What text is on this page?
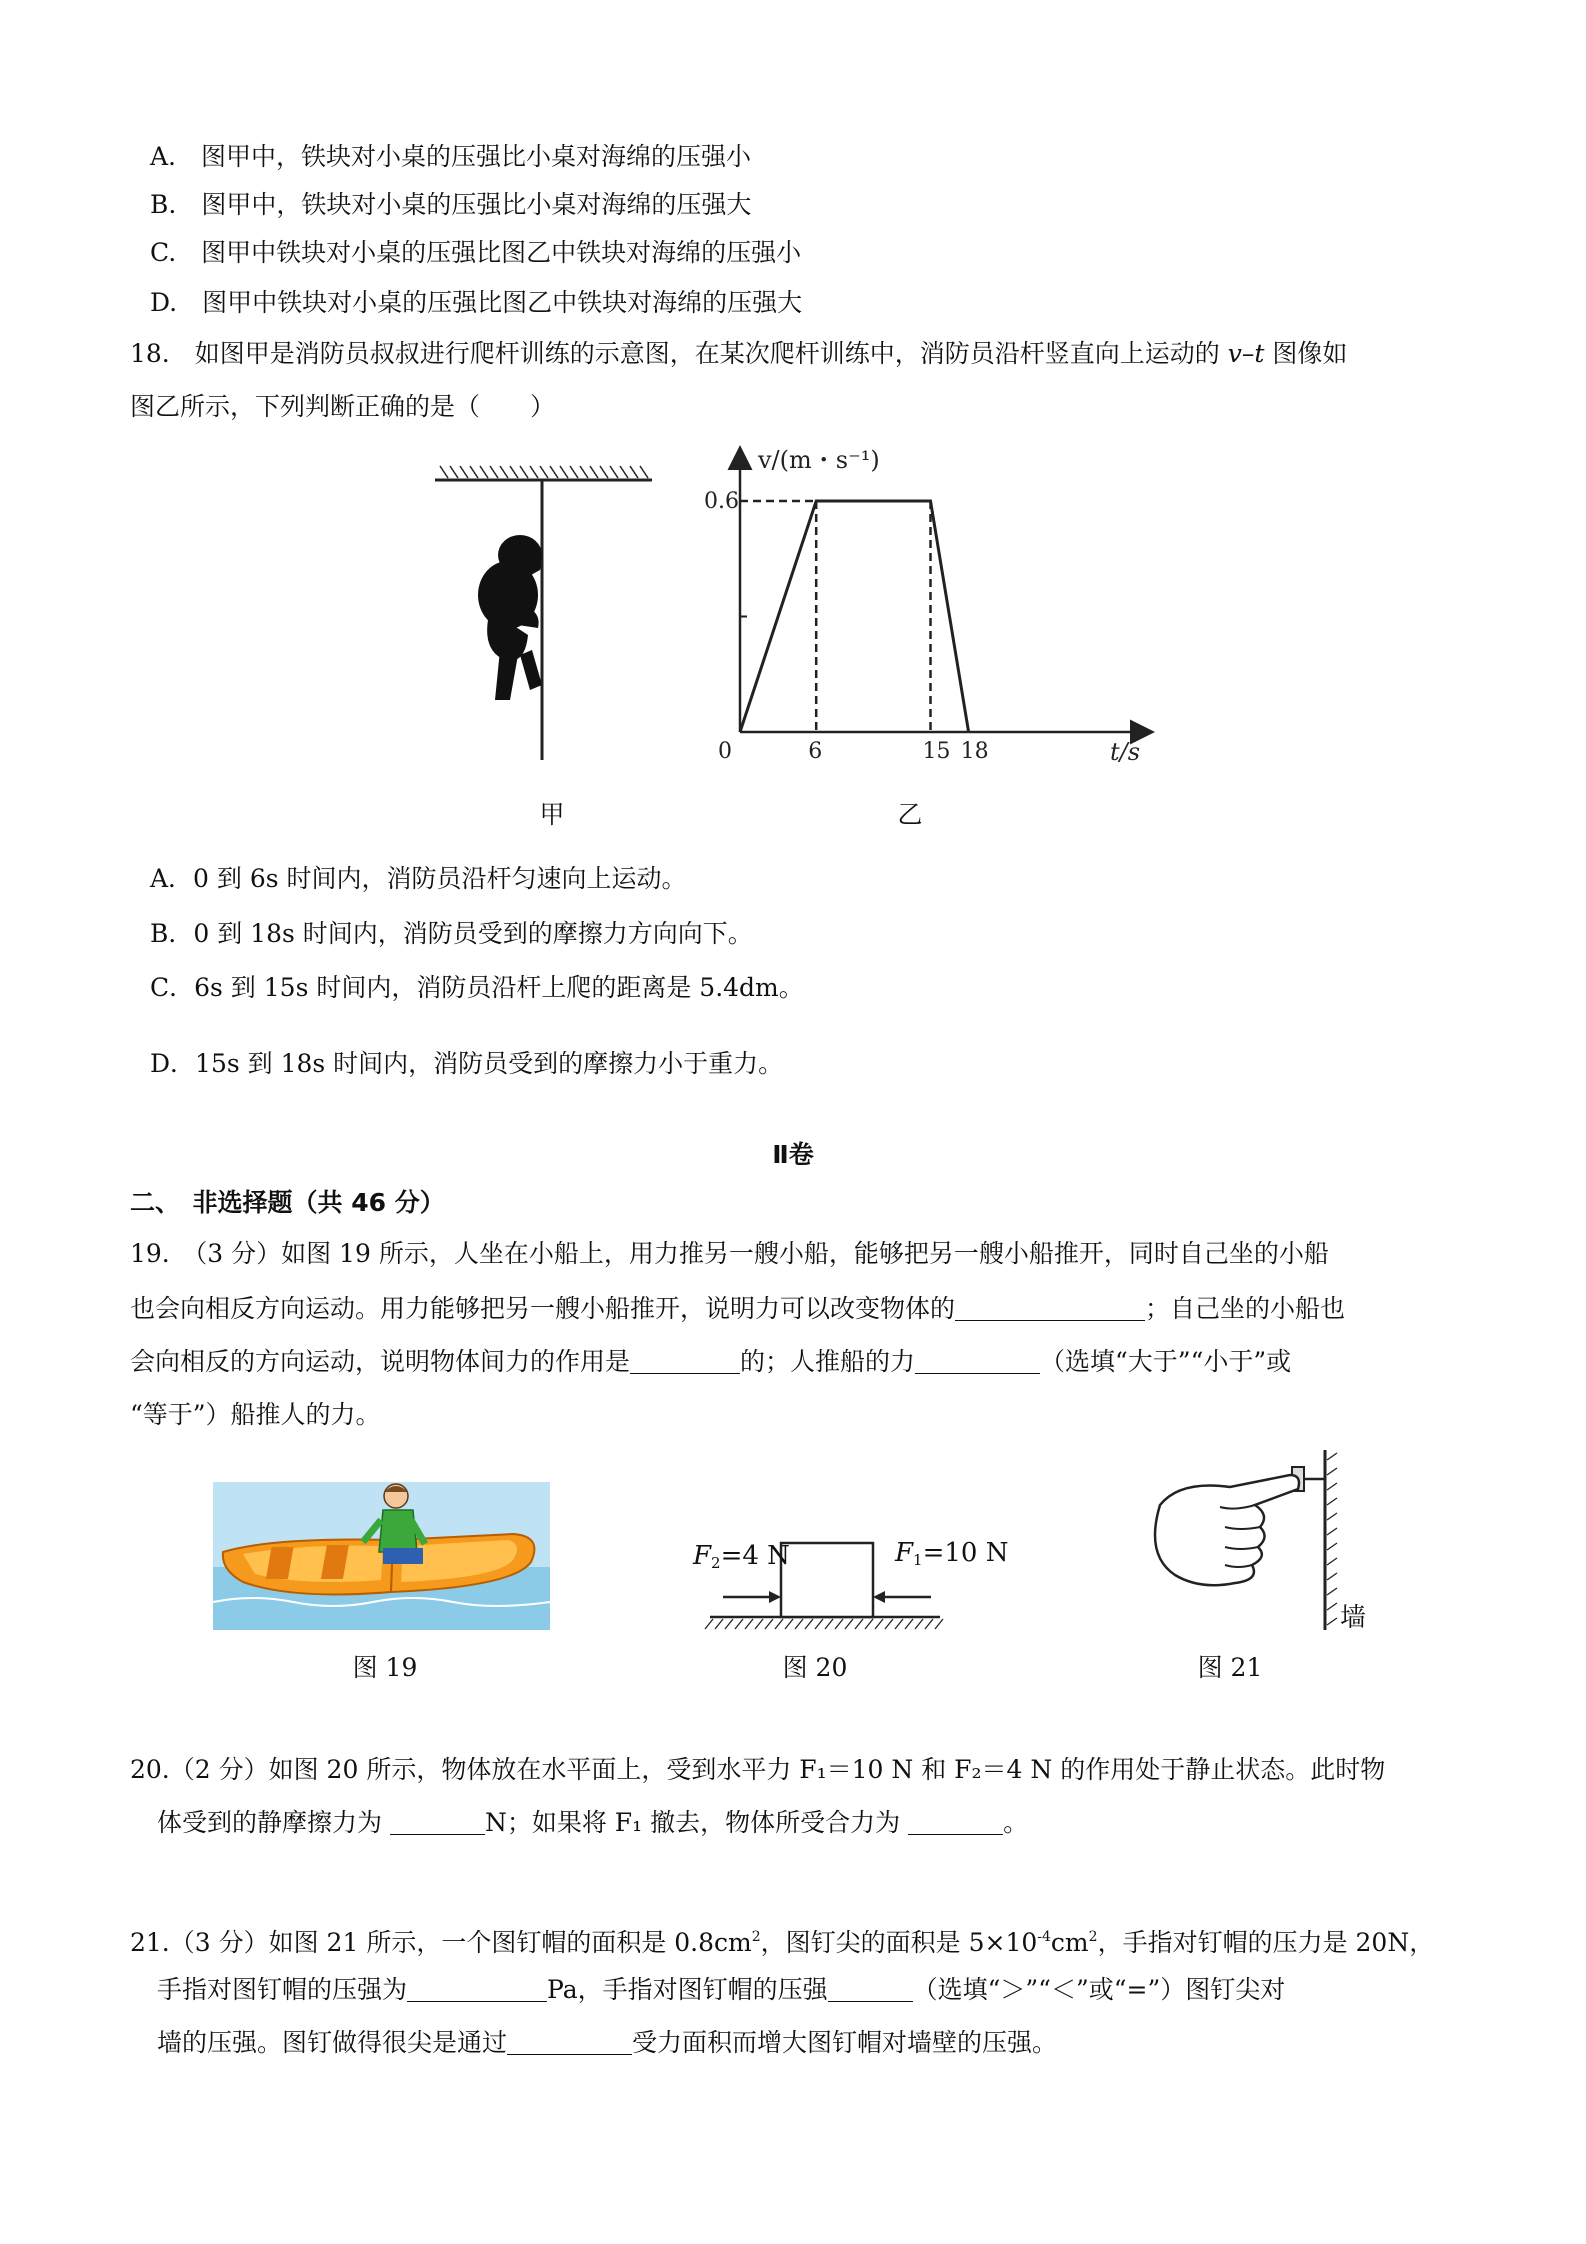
A.　图甲中，铁块对小桌的压强比小桌对海绵的压强小
B.　图甲中，铁块对小桌的压强比小桌对海绵的压强大
C.　图甲中铁块对小桌的压强比图乙中铁块对海绵的压强小
D.　图甲中铁块对小桌的压强比图乙中铁块对海绵的压强大
18.　如图甲是消防员叔叔进行爬杆训练的示意图，在某次爬杆训练中，消防员沿杆竖直向上运动的 v–t 图像如
图乙所示，下列判断正确的是（　　）
甲
v/(m・s⁻¹)
t/s
0	6	15 18
0.6
乙
A．0 到 6s 时间内，消防员沿杆匀速向上运动。
B．0 到 18s 时间内，消防员受到的摩擦力方向向下。
C．6s 到 15s 时间内，消防员沿杆上爬的距离是 5.4dm。
D．15s 到 18s 时间内，消防员受到的摩擦力小于重力。
Ⅱ卷
二、　非选择题（共 46 分）
19.　（3 分）如图 19 所示，人坐在小船上，用力推另一艘小船，能够把另一艘小船推开，同时自己坐的小船
也会向相反方向运动。用力能够把另一艘小船推开，说明力可以改变物体的	；自己坐的小船也
会向相反的方向运动，说明物体间力的作用是	的；人推船的力	（选填“大于”“小于”或
“等于”）船推人的力。
图 19
$F_2=4$ N	$F_1=10$ N
图 20
墙
图 21
20.（2 分）如图 20 所示，物体放在水平面上，受到水平力 F₁＝10 N 和 F₂＝4 N 的作用处于静止状态。此时物
体受到的静摩擦力为	N；如果将 F₁ 撤去，物体所受合力为	。
21.（3 分）如图 21 所示，一个图钉帽的面积是 $0.8cm^2$，图钉尖的面积是 $5\times 10^{-4}cm^2$，手指对钉帽的压力是 20N，
手指对图钉帽的压强为	Pa，手指对图钉帽的压强	（选填“＞”“＜”或“=”）图钉尖对
墙的压强。图钉做得很尖是通过	受力面积而增大图钉帽对墙壁的压强。
